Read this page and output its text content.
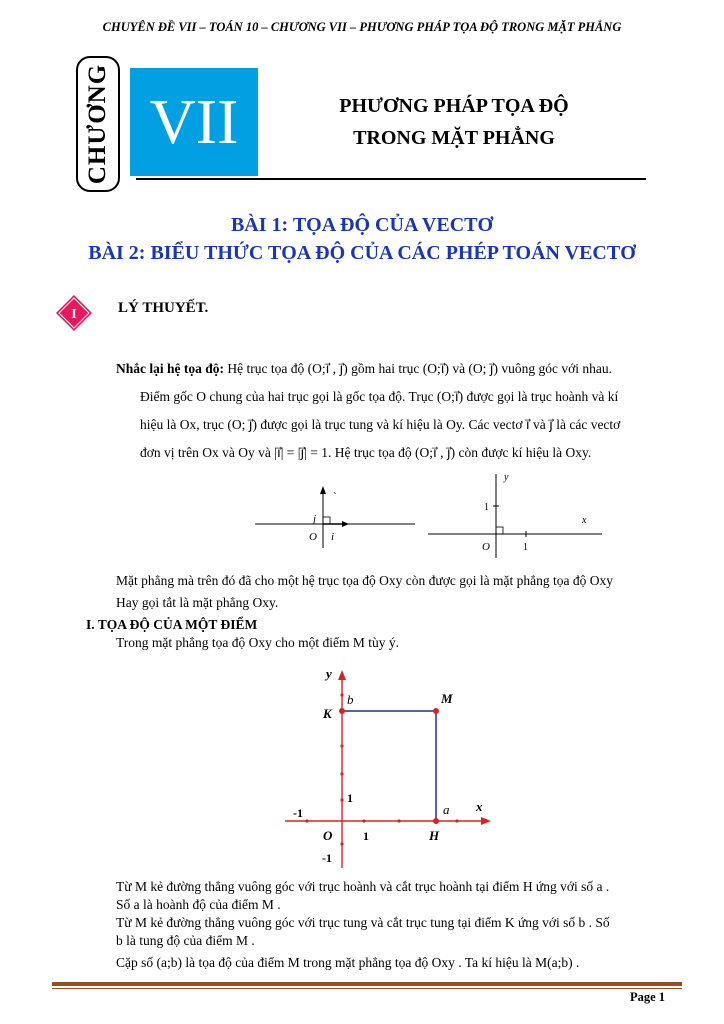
CHUYÊN ĐỀ VII – TOÁN 10 – CHƯƠNG VII – PHƯƠNG PHÁP TỌA ĐỘ TRONG MẶT PHẲNG
CHƯƠNG VII	PHƯƠNG PHÁP TỌA ĐỘ
TRONG MẶT PHẲNG
BÀI 1: TỌA ĐỘ CỦA VECTƠ
BÀI 2: BIỂU THỨC TỌA ĐỘ CỦA CÁC PHÉP TOÁN VECTƠ
I	LÝ THUYẾT.
Nhắc lại hệ tọa độ: Hệ trục tọa độ (O;i⃗ , j⃗) gồm hai trục (O;i⃗) và (O; j⃗) vuông góc với nhau.
Điểm gốc O chung của hai trục gọi là gốc tọa độ. Trục (O;i⃗) được gọi là trục hoành và kí
hiệu là Ox, trục (O; j⃗) được gọi là trục tung và kí hiệu là Oy. Các vectơ i⃗ và j⃗ là các vectơ
đơn vị trên Ox và Oy và |i⃗| = |j⃗| = 1. Hệ trục tọa độ (O;i⃗ , j⃗) còn được kí hiệu là Oxy.
j
i
O
`
y
x
1
1
O
Mặt phẳng mà trên đó đã cho một hệ trục tọa độ Oxy còn được gọi là mặt phẳng tọa độ Oxy
Hay gọi tắt là mặt phẳng Oxy.
I. TỌA ĐỘ CỦA MỘT ĐIỂM
Trong mặt phẳng tọa độ Oxy cho một điểm M tùy ý.
y
x
b	M
K
1
-1	a
O	1	H
-1
Từ M kẻ đường thẳng vuông góc với trục hoành và cắt trục hoành tại điểm H ứng với số a .
Số a là hoành độ của điểm M .
Từ M kẻ đường thẳng vuông góc với trục tung và cắt trục tung tại điểm K ứng với số b . Số
b là tung độ của điểm M .
Cặp số (a;b) là tọa độ của điểm M trong mặt phẳng tọa độ Oxy . Ta kí hiệu là M(a;b) .
Page 1
